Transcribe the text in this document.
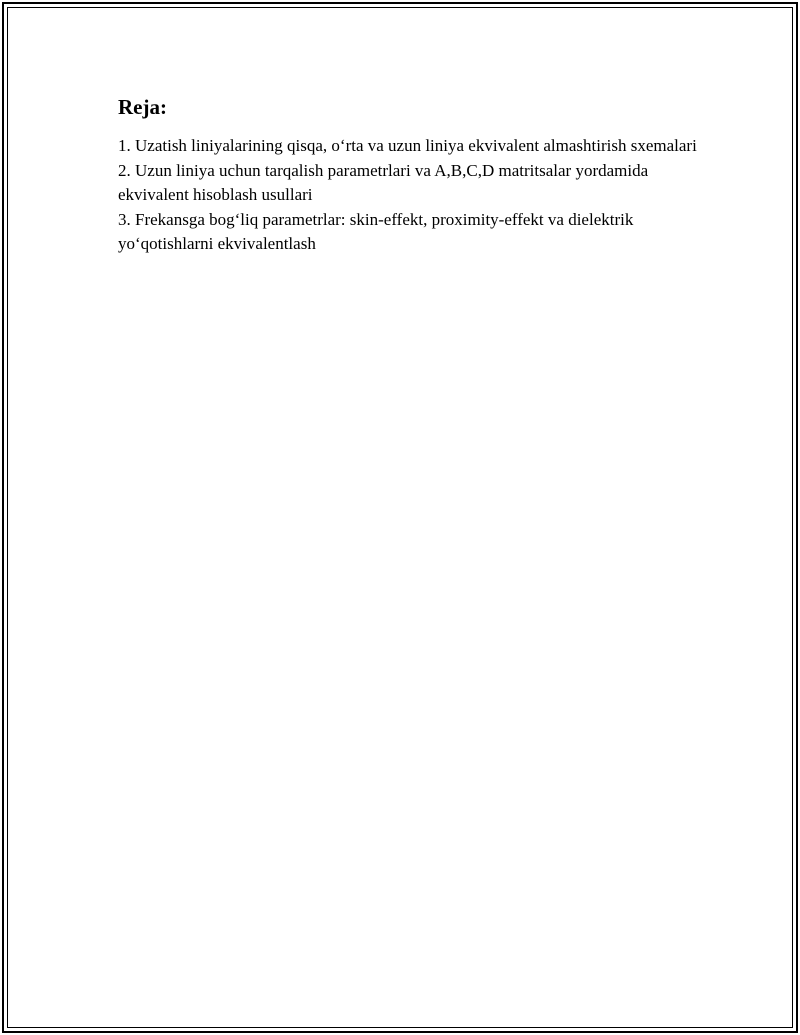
Reja:
1. Uzatish liniyalarining qisqa, o‘rta va uzun liniya ekvivalent almashtirish sxemalari
2. Uzun liniya uchun tarqalish parametrlari va A,B,C,D matritsalar yordamida ekvivalent hisoblash usullari
3. Frekansga bog‘liq parametrlar: skin-effekt, proximity-effekt va dielektrik yo‘qotishlarni ekvivalentlash
